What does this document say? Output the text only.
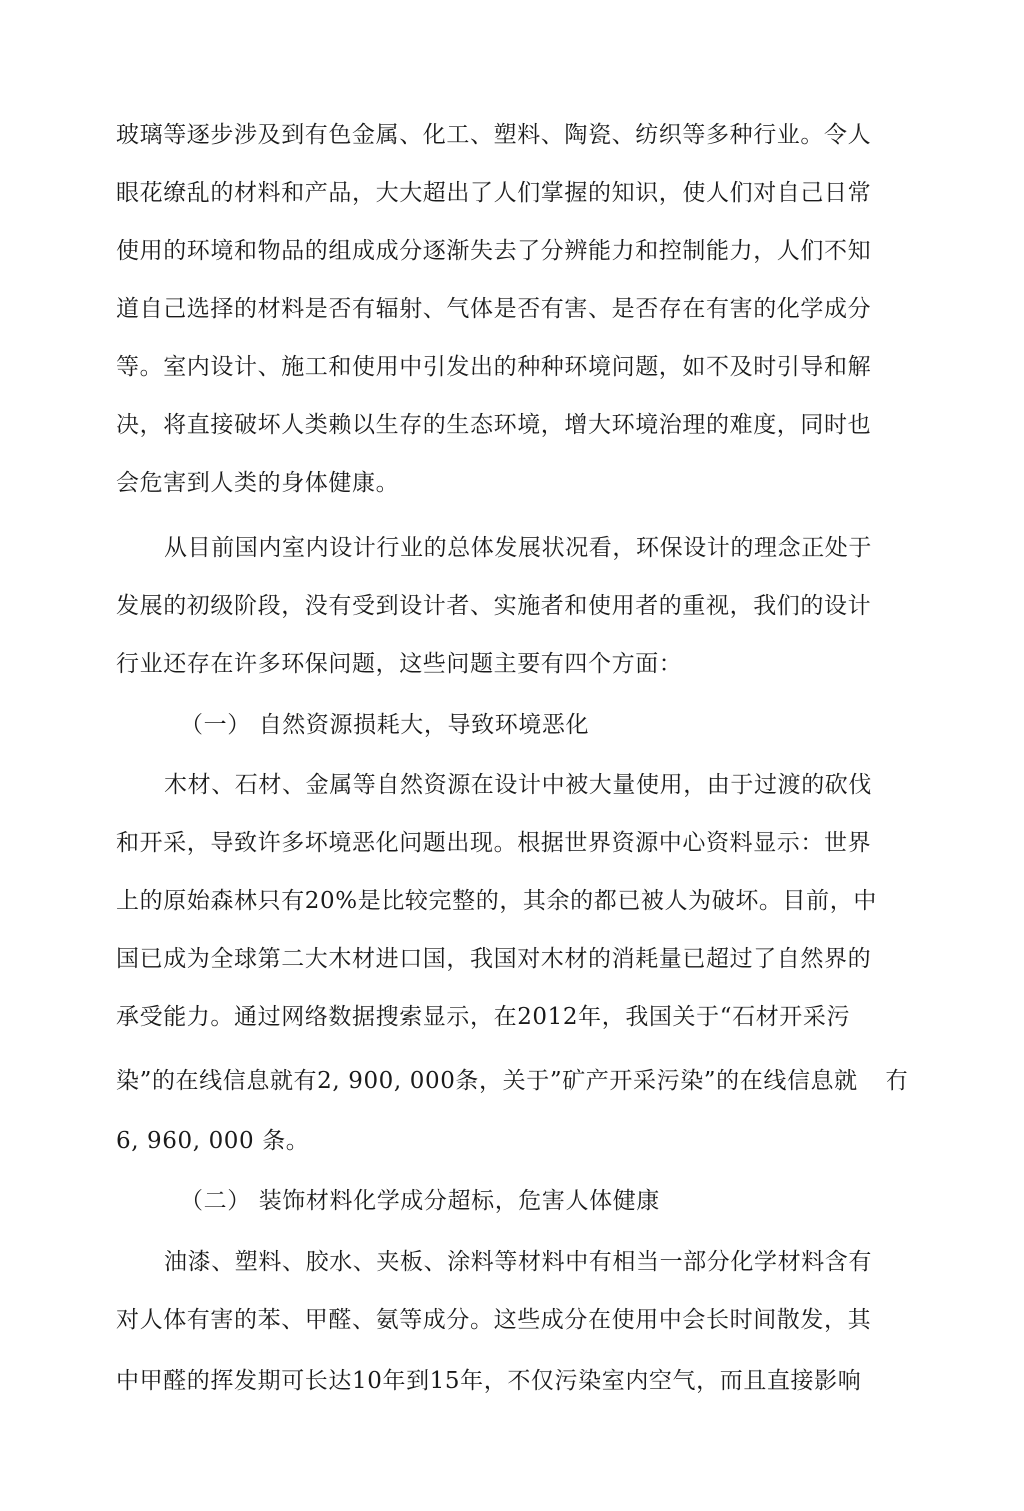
玻璃等逐步涉及到有色金属、化工、塑料、陶瓷、纺织等多种行业。令人
眼花缭乱的材料和产品，大大超出了人们掌握的知识，使人们对自己日常
使用的环境和物品的组成成分逐渐失去了分辨能力和控制能力，人们不知
道自己选择的材料是否有辐射、气体是否有害、是否存在有害的化学成分
等。室内设计、施工和使用中引发出的种种环境问题，如不及时引导和解
决，将直接破坏人类赖以生存的生态环境，增大环境治理的难度，同时也
会危害到人类的身体健康。
从目前国内室内设计行业的总体发展状况看，环保设计的理念正处于
发展的初级阶段，没有受到设计者、实施者和使用者的重视，我们的设计
行业还存在许多环保问题，这些问题主要有四个方面：
（一） 自然资源损耗大，导致环境恶化
木材、石材、金属等自然资源在设计中被大量使用，由于过渡的砍伐
和开采，导致许多坏境恶化问题出现。根据世界资源中心资料显示：世界
上的原始森林只有20%是比较完整的，其余的都已被人为破坏。目前，中
国已成为全球第二大木材进口国，我国对木材的消耗量已超过了自然界的
承受能力。通过网络数据搜索显示，在2012年，我国关于“石材开采污
染”的在线信息就有2, 900, 000条，关于”矿产开采污染”的在线信息就	冇
6, 960, 000 条。
（二） 装饰材料化学成分超标，危害人体健康
油漆、塑料、胶水、夹板、涂料等材料中有相当一部分化学材料含有
对人体有害的苯、甲醛、氨等成分。这些成分在使用中会长时间散发，其
中甲醛的挥发期可长达10年到15年，不仅污染室内空气，而且直接影响
